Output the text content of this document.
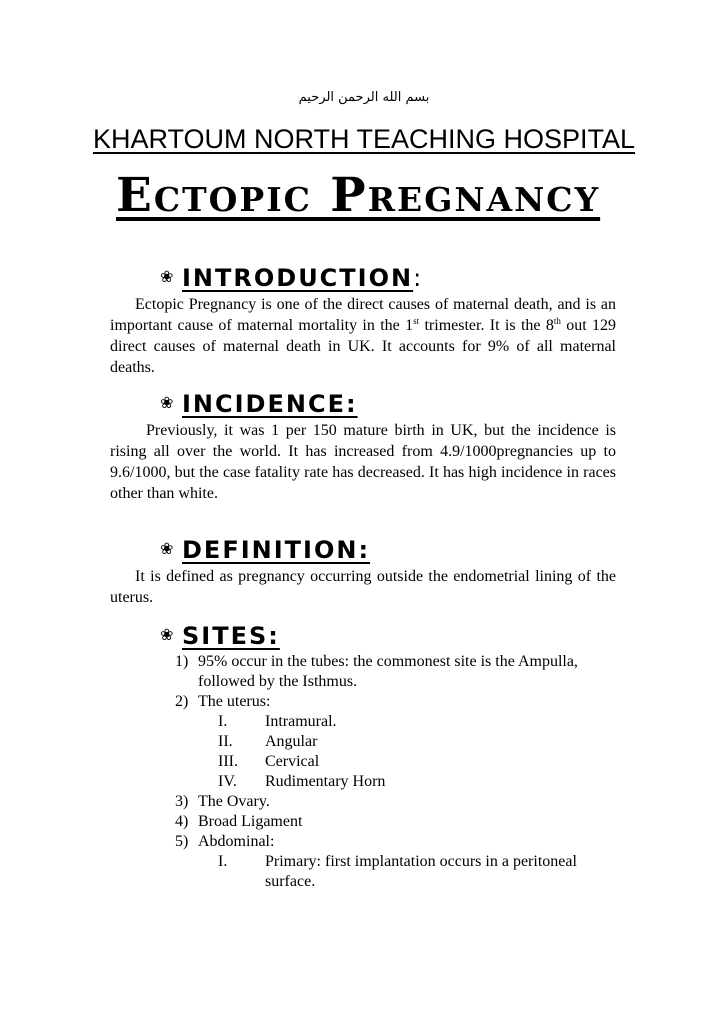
بسم الله الرحمن الرحيم
KHARTOUM NORTH TEACHING HOSPITAL
Ectopic Pregnancy
❀ INTRODUCTION:

Ectopic Pregnancy is one of the direct causes of maternal death, and is an important cause of maternal mortality in the 1st trimester. It is the 8th out 129 direct causes of maternal death in UK. It accounts for 9% of all maternal deaths.

❀ INCIDENCE:

Previously, it was 1 per 150 mature birth in UK, but the incidence is rising all over the world. It has increased from 4.9/1000pregnancies up to 9.6/1000, but the case fatality rate has decreased. It has high incidence in races other than white.

❀ DEFINITION:

It is defined as pregnancy occurring outside the endometrial lining of the uterus.

❀ SITES:
1) 95% occur in the tubes: the commonest site is the Ampulla,
followed by the Isthmus.
2) The uterus:
I. Intramural.
II. Angular
III. Cervical
IV. Rudimentary Horn
3) The Ovary.
4) Broad Ligament
5) Abdominal:
I. Primary: first implantation occurs in a peritoneal
surface.
